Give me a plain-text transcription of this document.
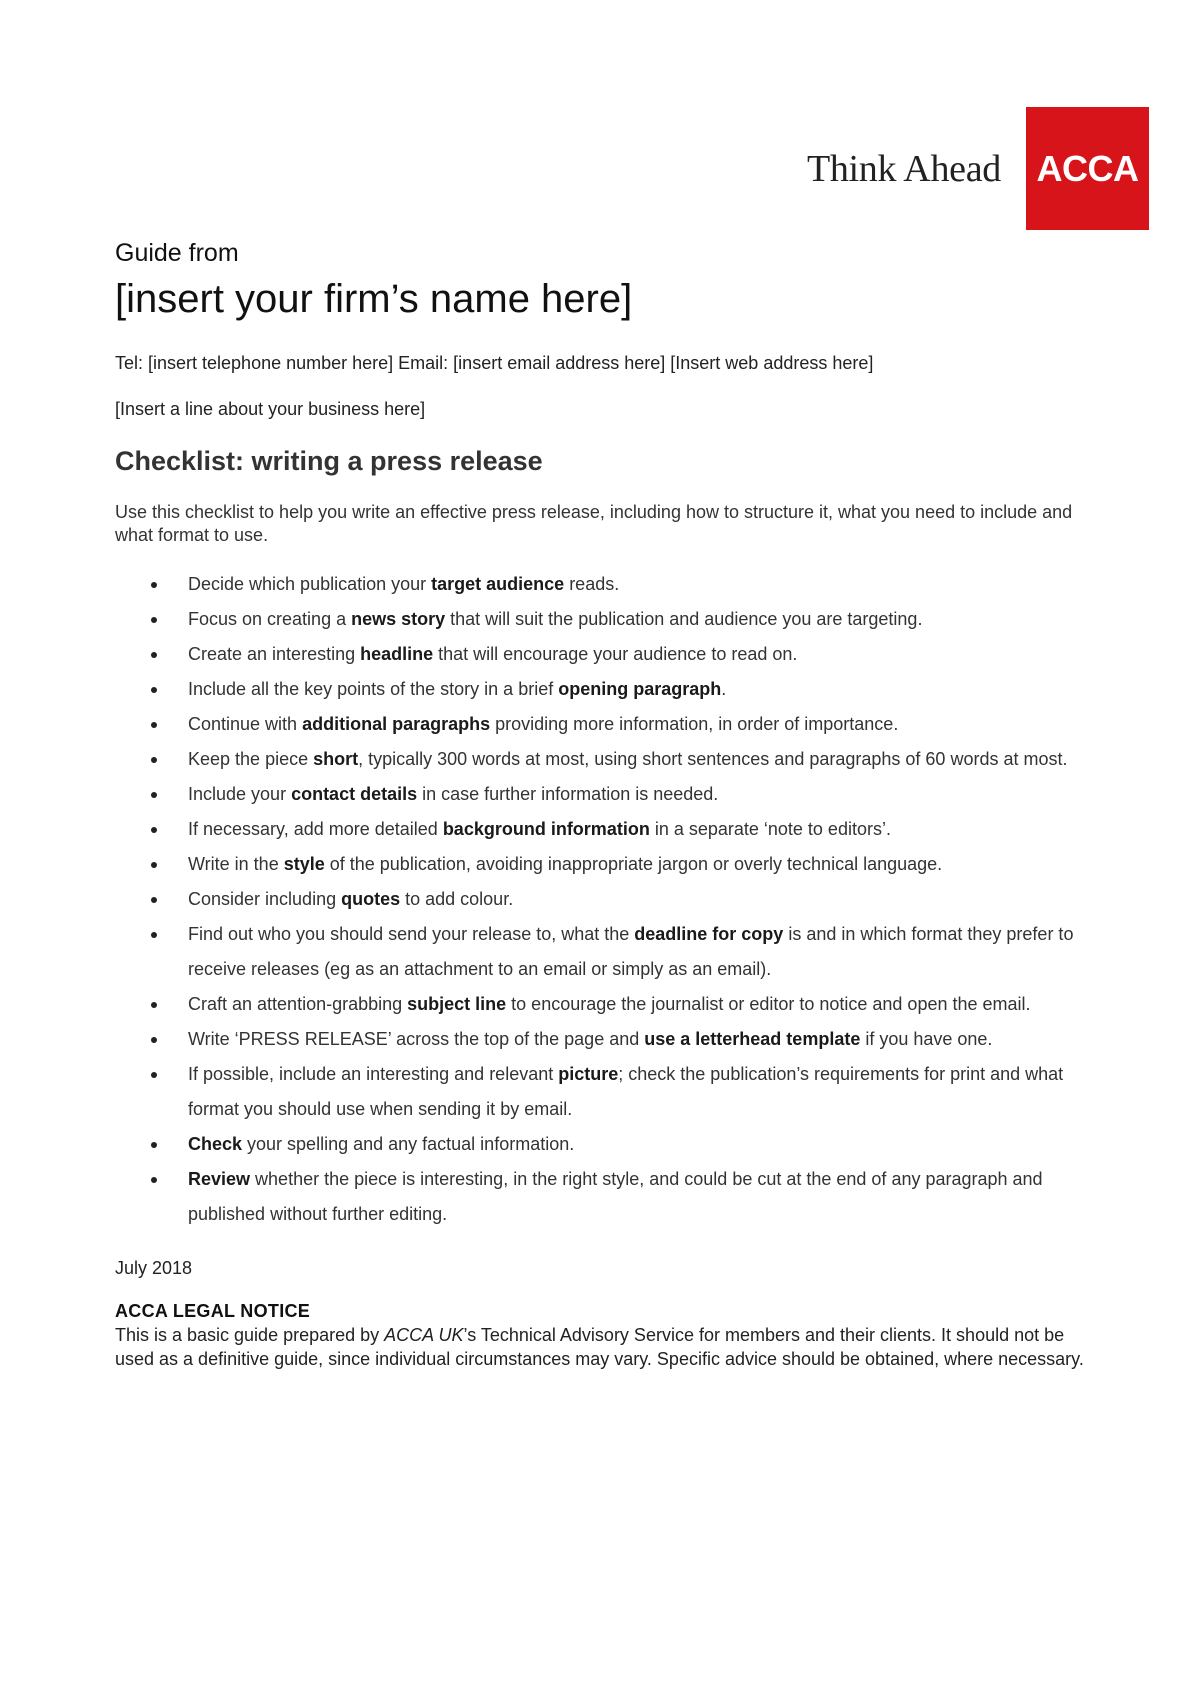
Think Ahead ACCA

Guide from

[insert your firm’s name here]

Tel: [insert telephone number here] Email: [insert email address here] [Insert web address here]

[Insert a line about your business here]

Checklist: writing a press release

Use this checklist to help you write an effective press release, including how to structure it, what you need to include and what format to use.

Decide which publication your target audience reads.
Focus on creating a news story that will suit the publication and audience you are targeting.
Create an interesting headline that will encourage your audience to read on.
Include all the key points of the story in a brief opening paragraph.
Continue with additional paragraphs providing more information, in order of importance.
Keep the piece short, typically 300 words at most, using short sentences and paragraphs of 60 words at most.
Include your contact details in case further information is needed.
If necessary, add more detailed background information in a separate ‘note to editors’.
Write in the style of the publication, avoiding inappropriate jargon or overly technical language.
Consider including quotes to add colour.
Find out who you should send your release to, what the deadline for copy is and in which format they prefer to receive releases (eg as an attachment to an email or simply as an email).
Craft an attention-grabbing subject line to encourage the journalist or editor to notice and open the email.
Write ‘PRESS RELEASE’ across the top of the page and use a letterhead template if you have one.
If possible, include an interesting and relevant picture; check the publication’s requirements for print and what format you should use when sending it by email.
Check your spelling and any factual information.
Review whether the piece is interesting, in the right style, and could be cut at the end of any paragraph and published without further editing.

July 2018

ACCA LEGAL NOTICE

This is a basic guide prepared by ACCA UK’s Technical Advisory Service for members and their clients. It should not be used as a definitive guide, since individual circumstances may vary. Specific advice should be obtained, where necessary.
